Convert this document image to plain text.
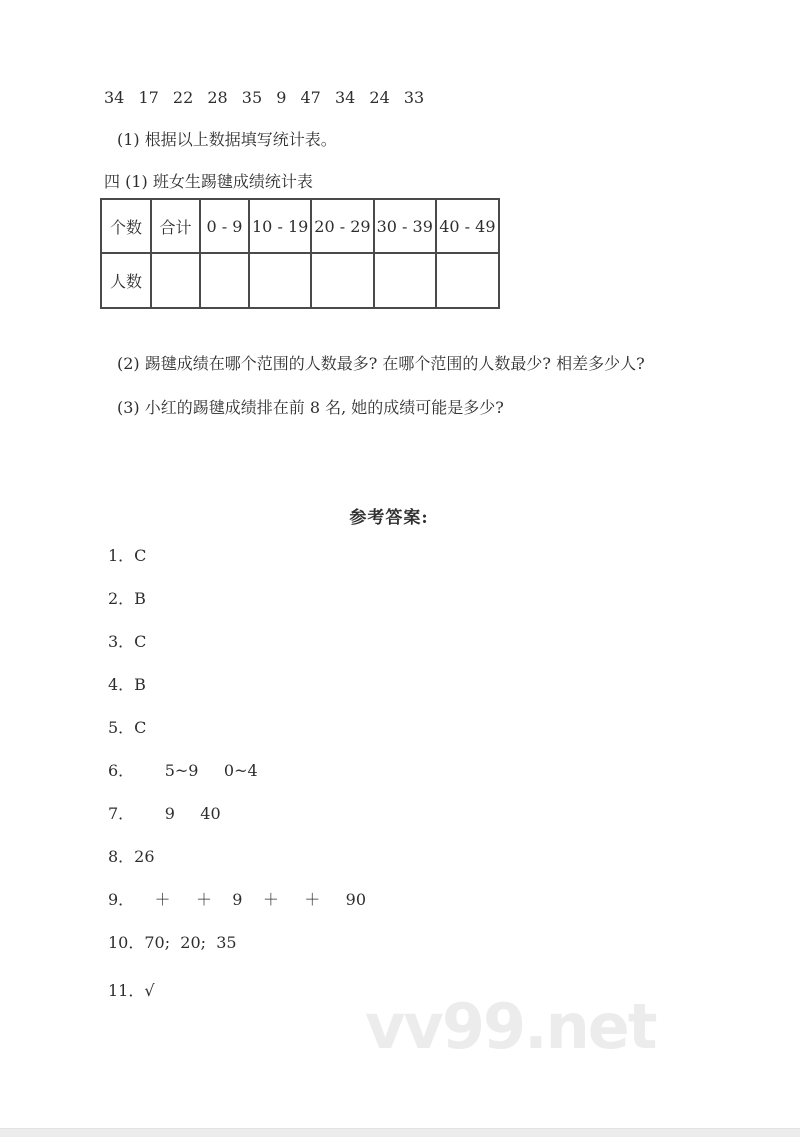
34 17 22 28 35 9 47 34 24 33
(1) 根据以上数据填写统计表。
四 (1) 班女生踢毽成绩统计表
个数	合计	0 - 9	10 - 19	20 - 29	30 - 39	40 - 49
人数						
(2) 踢毽成绩在哪个范围的人数最多? 在哪个范围的人数最少? 相差多少人?
(3) 小红的踢毽成绩排在前 8 名, 她的成绩可能是多少?
参考答案:
1．C
2．B
3．C
4．B
5．C
6．      5~9     0~4
7．      9     40
8．26
9．    ＋     ＋    9    ＋     ＋     90
10．70;  20;  35
11．√	vv99.net
